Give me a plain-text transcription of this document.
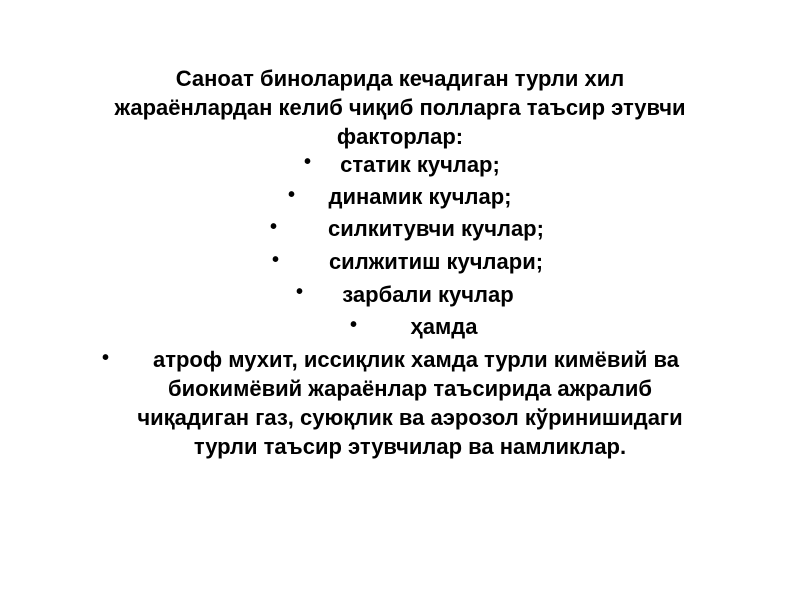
Саноат биноларида кечадиган турли хил
жараёнлардан келиб чиқиб полларга таъсир этувчи
факторлар:
•	статик кучлар;
•	динамик кучлар;
•	силкитувчи кучлар;
•	силжитиш кучлари;
•	зарбали кучлар
•	ҳамда
•	атроф мухит, иссиқлик хамда турли кимёвий ва
биокимёвий жараёнлар таъсирида ажралиб
чиқадиган газ, суюқлик ва аэрозол кўринишидаги
турли таъсир этувчилар ва намликлар.
